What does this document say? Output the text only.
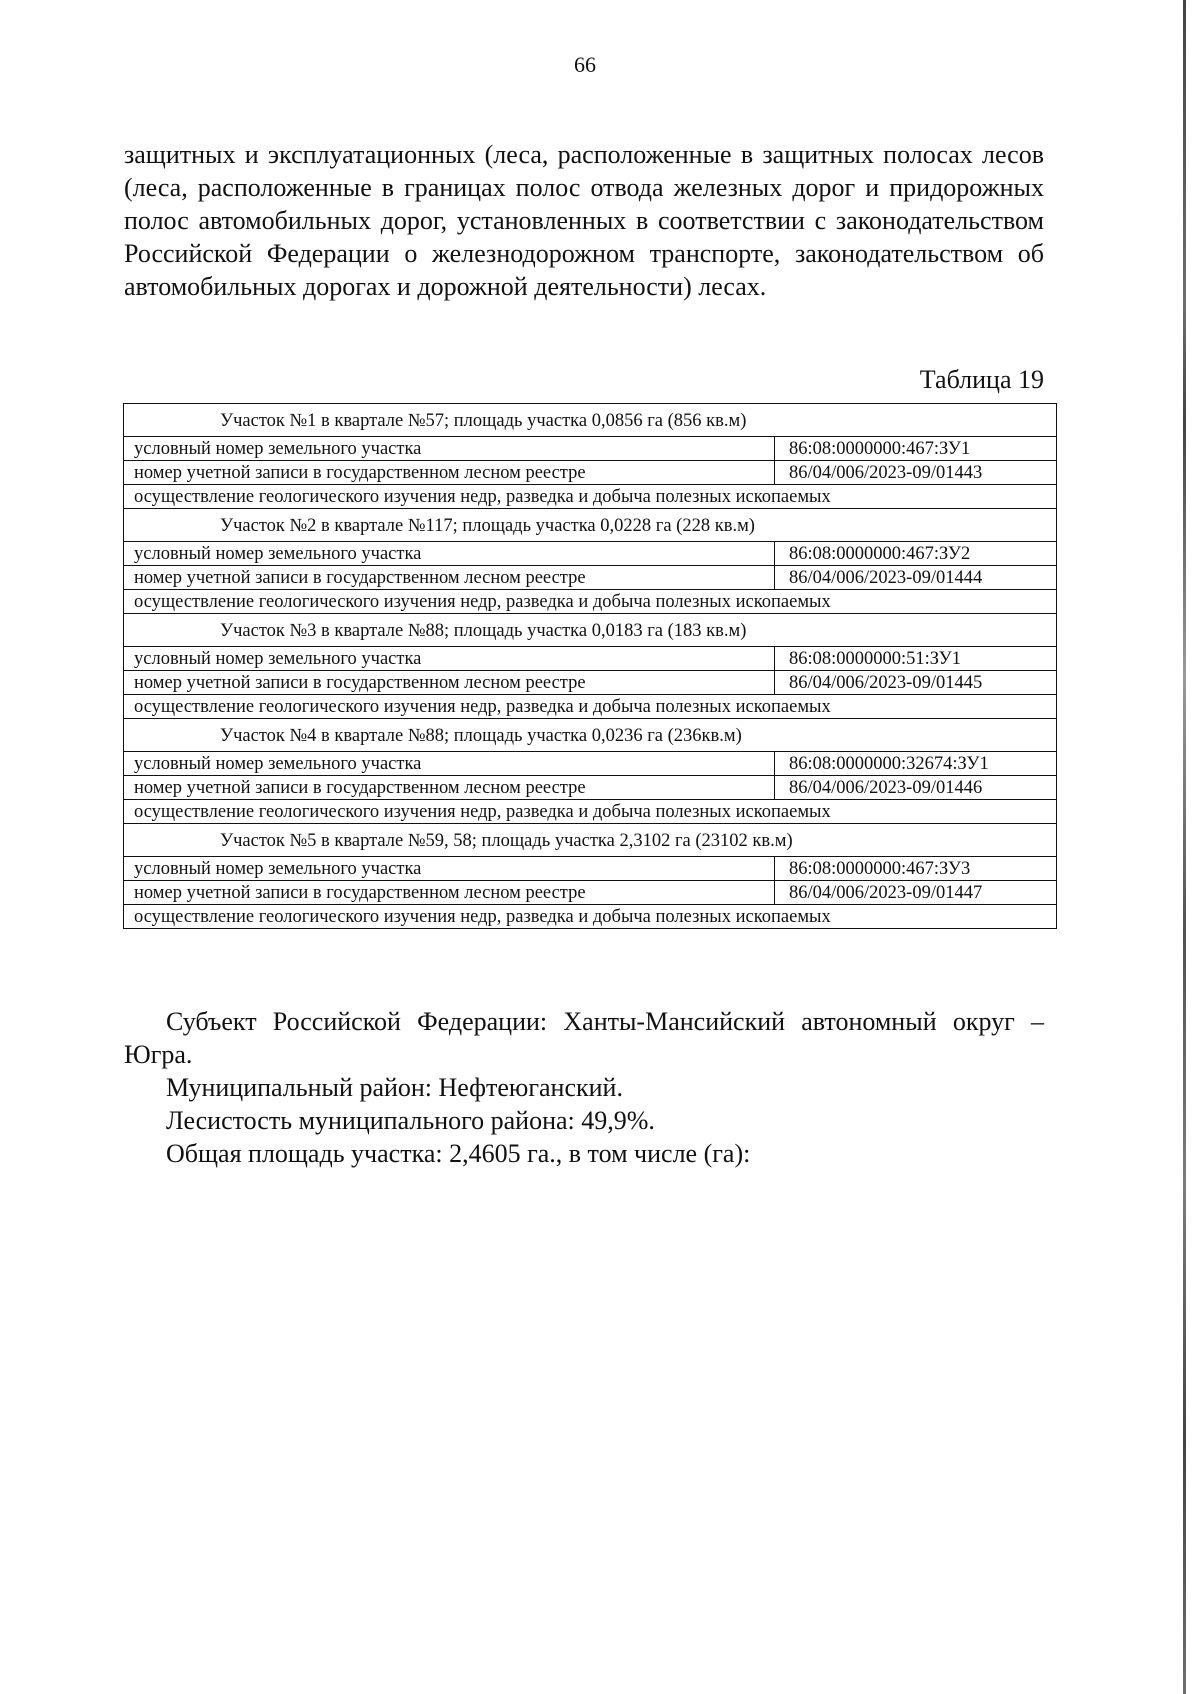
66

защитных и эксплуатационных (леса, расположенные в защитных полосах лесов (леса, расположенные в границах полос отвода железных дорог и придорожных полос автомобильных дорог, установленных в соответствии с законодательством Российской Федерации о железнодорожном транспорте, законодательством об автомобильных дорогах и дорожной деятельности) лесах.

Таблица 19

Участок №1 в квартале №57; площадь участка 0,0856 га (856 кв.м)	
условный номер земельного участка	86:08:0000000:467:ЗУ1
номер учетной записи в государственном лесном реестре	86/04/006/2023-09/01443
осуществление геологического изучения недр, разведка и добыча полезных ископаемых	
Участок №2 в квартале №117; площадь участка 0,0228 га (228 кв.м)	
условный номер земельного участка	86:08:0000000:467:ЗУ2
номер учетной записи в государственном лесном реестре	86/04/006/2023-09/01444
осуществление геологического изучения недр, разведка и добыча полезных ископаемых	
Участок №3 в квартале №88; площадь участка 0,0183 га (183 кв.м)	
условный номер земельного участка	86:08:0000000:51:ЗУ1
номер учетной записи в государственном лесном реестре	86/04/006/2023-09/01445
осуществление геологического изучения недр, разведка и добыча полезных ископаемых	
Участок №4 в квартале №88; площадь участка 0,0236 га (236кв.м)	
условный номер земельного участка	86:08:0000000:32674:ЗУ1
номер учетной записи в государственном лесном реестре	86/04/006/2023-09/01446
осуществление геологического изучения недр, разведка и добыча полезных ископаемых	
Участок №5 в квартале №59, 58; площадь участка 2,3102 га (23102 кв.м)	
условный номер земельного участка	86:08:0000000:467:ЗУ3
номер учетной записи в государственном лесном реестре	86/04/006/2023-09/01447
осуществление геологического изучения недр, разведка и добыча полезных ископаемых	

Субъект Российской Федерации: Ханты-Мансийский автономный округ – Югра.

Муниципальный район: Нефтеюганский.

Лесистость муниципального района: 49,9%.

Общая площадь участка: 2,4605 га., в том числе (га):
